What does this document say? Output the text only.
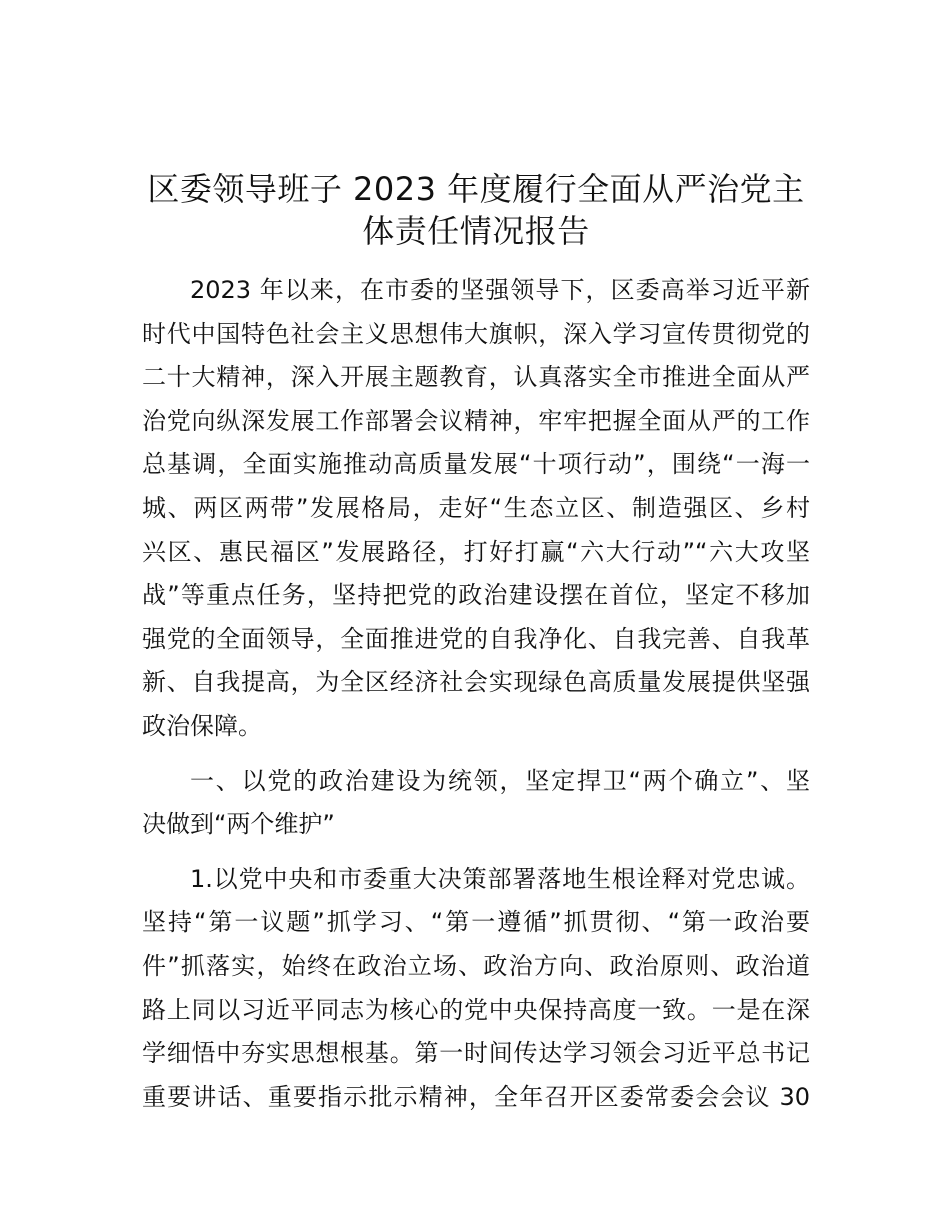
区委领导班子 2023 年度履行全面从严治党主
体责任情况报告

2023 年以来，在市委的坚强领导下，区委高举习近平新
时代中国特色社会主义思想伟大旗帜，深入学习宣传贯彻党的
二十大精神，深入开展主题教育，认真落实全市推进全面从严
治党向纵深发展工作部署会议精神，牢牢把握全面从严的工作
总基调，全面实施推动高质量发展“十项行动”，围绕“一海一
城、两区两带”发展格局，走好“生态立区、制造强区、乡村
兴区、惠民福区”发展路径，打好打赢“六大行动”“六大攻坚
战”等重点任务，坚持把党的政治建设摆在首位，坚定不移加
强党的全面领导，全面推进党的自我净化、自我完善、自我革
新、自我提高，为全区经济社会实现绿色高质量发展提供坚强
政治保障。

一、以党的政治建设为统领，坚定捍卫“两个确立”、坚
决做到“两个维护”

1.以党中央和市委重大决策部署落地生根诠释对党忠诚。
坚持“第一议题”抓学习、“第一遵循”抓贯彻、“第一政治要
件”抓落实，始终在政治立场、政治方向、政治原则、政治道
路上同以习近平同志为核心的党中央保持高度一致。一是在深
学细悟中夯实思想根基。第一时间传达学习领会习近平总书记
重要讲话、重要指示批示精神，全年召开区委常委会会议 30
